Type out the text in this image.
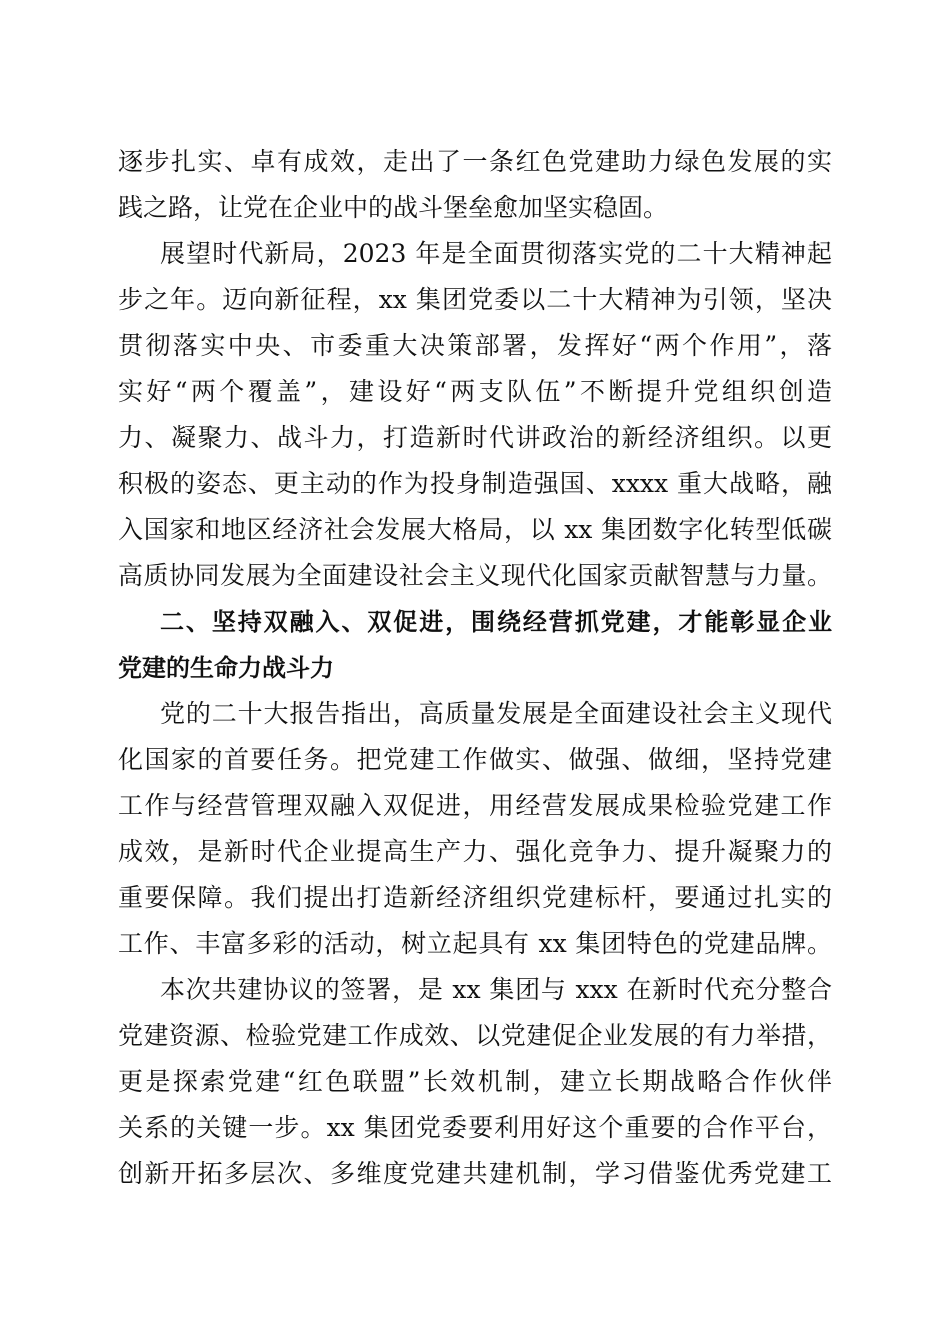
逐步扎实、卓有成效，走出了一条红色党建助力绿色发展的实
践之路，让党在企业中的战斗堡垒愈加坚实稳固。
展望时代新局，2023 年是全面贯彻落实党的二十大精神起
步之年。迈向新征程，xx 集团党委以二十大精神为引领，坚决
贯彻落实中央、市委重大决策部署，发挥好“两个作用”，落
实好“两个覆盖”，建设好“两支队伍”不断提升党组织创造
力、凝聚力、战斗力，打造新时代讲政治的新经济组织。以更
积极的姿态、更主动的作为投身制造强国、xxxx 重大战略，融
入国家和地区经济社会发展大格局，以 xx 集团数字化转型低碳
高质协同发展为全面建设社会主义现代化国家贡献智慧与力量。
二、坚持双融入、双促进，围绕经营抓党建，才能彰显企业
党建的生命力战斗力
党的二十大报告指出，高质量发展是全面建设社会主义现代
化国家的首要任务。把党建工作做实、做强、做细，坚持党建
工作与经营管理双融入双促进，用经营发展成果检验党建工作
成效，是新时代企业提高生产力、强化竞争力、提升凝聚力的
重要保障。我们提出打造新经济组织党建标杆，要通过扎实的
工作、丰富多彩的活动，树立起具有 xx 集团特色的党建品牌。
本次共建协议的签署，是 xx 集团与 xxx 在新时代充分整合
党建资源、检验党建工作成效、以党建促企业发展的有力举措，
更是探索党建“红色联盟”长效机制，建立长期战略合作伙伴
关系的关键一步。xx 集团党委要利用好这个重要的合作平台，
创新开拓多层次、多维度党建共建机制，学习借鉴优秀党建工
